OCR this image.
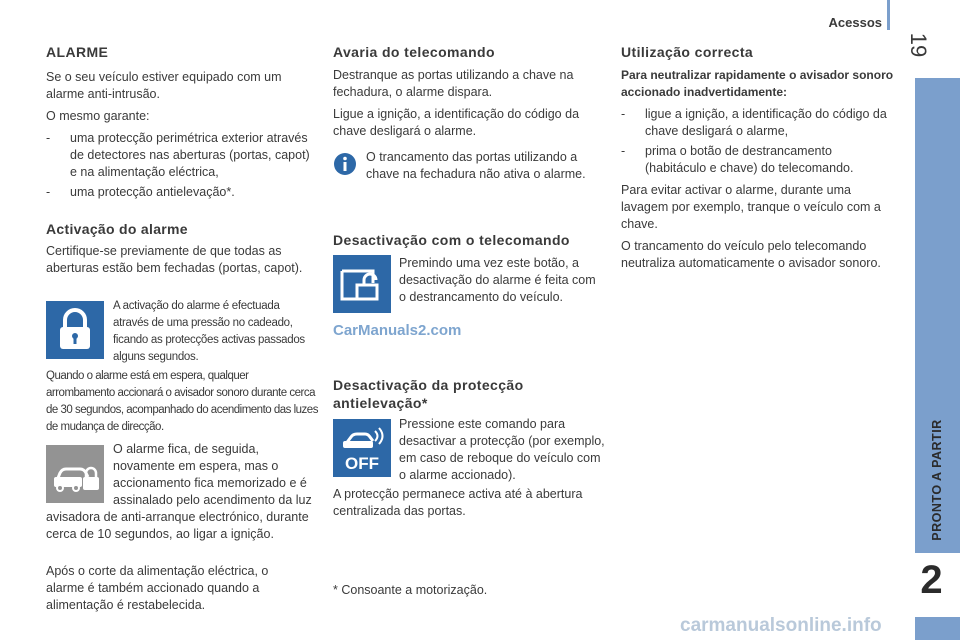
Acessos
19
PRONTO A PARTIR
2
ALARME

Se o seu veículo estiver equipado com um alarme anti-intrusão.

O mesmo garante:

-	uma protecção perimétrica exterior através de detectores nas aberturas (portas, capot) e na alimentação eléctrica,
-	uma protecção antielevação*.
Activação do alarme

Certifique-se previamente de que todas as aberturas estão bem fechadas (portas, capot).

A activação do alarme é efectuada através de uma pressão no cadeado, ficando as protecções activas passados alguns segundos.
Quando o alarme está em espera, qualquer arrombamento accionará o avisador sonoro durante cerca de 30 segundos, acompanhado do acendimento das luzes de mudança de direcção.
O alarme fica, de seguida, novamente em espera, mas o accionamento fica memorizado e é assinalado pelo acendimento da luz avisadora de anti-arranque electrónico, durante cerca de 10 segundos, ao ligar a ignição.
Após o corte da alimentação eléctrica, o alarme é também accionado quando a alimentação é restabelecida.
Avaria do telecomando

Destranque as portas utilizando a chave na fechadura, o alarme dispara.

Ligue a ignição, a identificação do código da chave desligará o alarme.

O trancamento das portas utilizando a chave na fechadura não ativa o alarme.
Desactivação com o telecomando
Premindo uma vez este botão, a desactivação do alarme é feita com o destrancamento do veículo.
CarManuals2.com
Desactivação da protecção antielevação*
OFF
Pressione este comando para desactivar a protecção (por exemplo, em caso de reboque do veículo com o alarme accionado).
A protecção permanece activa até à abertura centralizada das portas.
* Consoante a motorização.
Utilização correcta

Para neutralizar rapidamente o avisador sonoro accionado inadvertidamente:

-	ligue a ignição, a identificação do código da chave desligará o alarme,
-	prima o botão de destrancamento (habitáculo e chave) do telecomando.

Para evitar activar o alarme, durante uma lavagem por exemplo, tranque o veículo com a chave.

O trancamento do veículo pelo telecomando neutraliza automaticamente o avisador sonoro.

carmanualsonline.info
